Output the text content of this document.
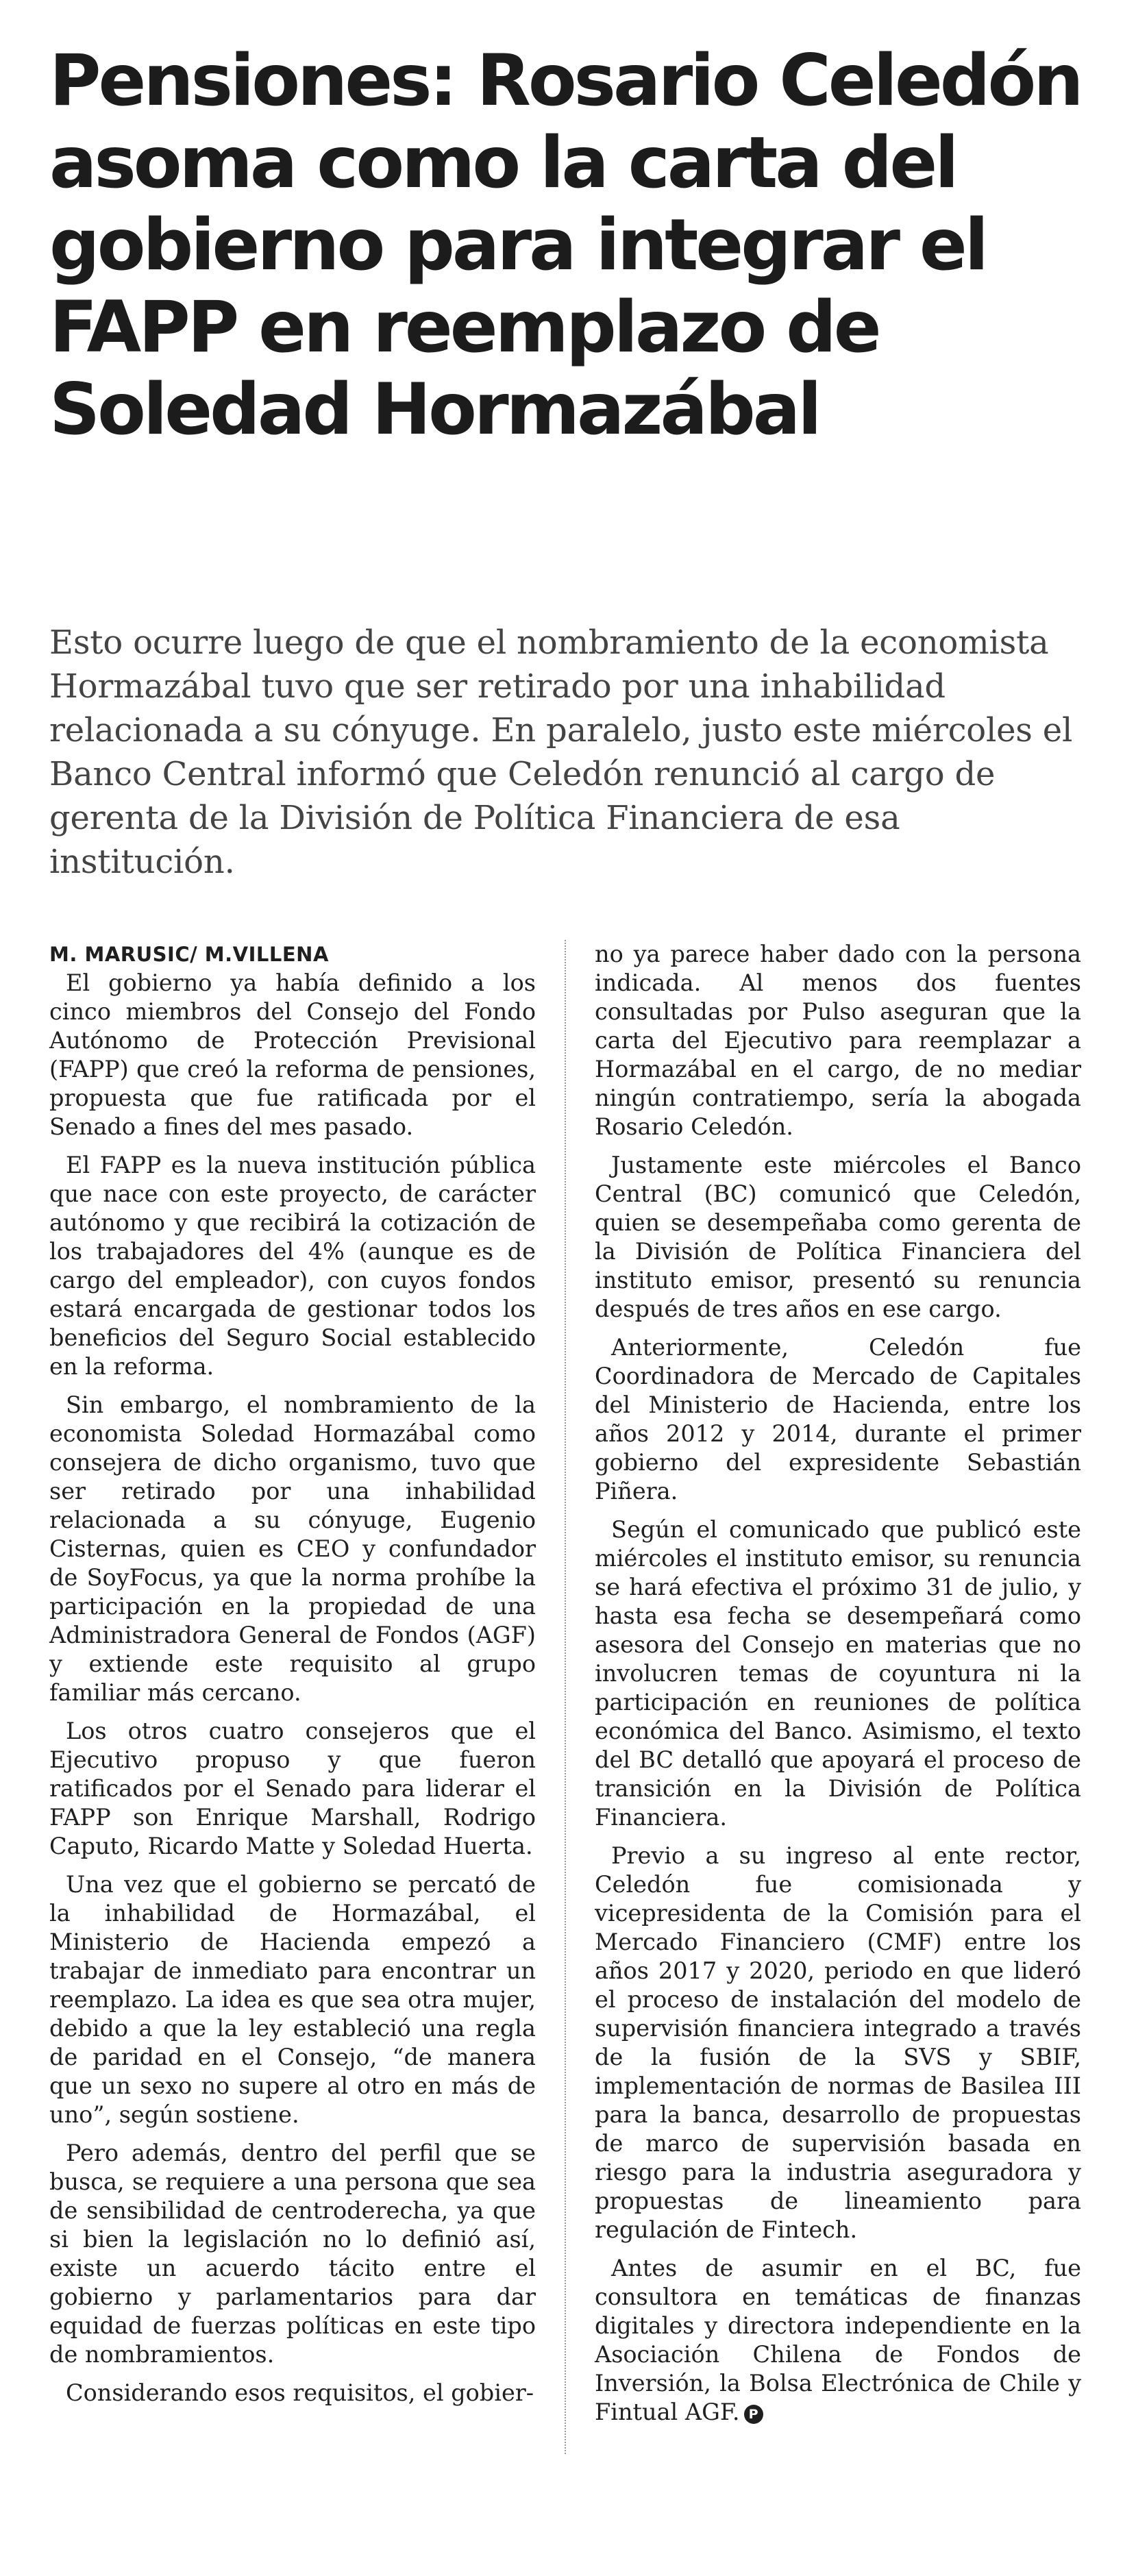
Pensiones: Rosario Celedón asoma como la carta del gobierno para integrar el FAPP en reemplazo de Soledad Hormazábal

Esto ocurre luego de que el nombramiento de la economista Hormazábal tuvo que ser retirado por una inhabilidad relacionada a su cónyuge. En paralelo, justo este miércoles el Banco Central informó que Celedón renunció al cargo de gerenta de la División de Política Financiera de esa institución.

M. MARUSIC/ M.VILLENA

El gobierno ya había definido a los cinco miembros del Consejo del Fondo Autónomo de Protección Previsional (FAPP) que creó la reforma de pensiones, propuesta que fue ratificada por el Senado a fines del mes pasado.

El FAPP es la nueva institución pública que nace con este proyecto, de carácter autónomo y que recibirá la cotización de los trabajadores del 4% (aunque es de cargo del empleador), con cuyos fondos estará encargada de gestionar todos los beneficios del Seguro Social establecido en la reforma.

Sin embargo, el nombramiento de la economista Soledad Hormazábal como consejera de dicho organismo, tuvo que ser retirado por una inhabilidad relacionada a su cónyuge, Eugenio Cisternas, quien es CEO y confundador de SoyFocus, ya que la norma prohíbe la participación en la propiedad de una Administradora General de Fondos (AGF) y extiende este requisito al grupo familiar más cercano.

Los otros cuatro consejeros que el Ejecutivo propuso y que fueron ratificados por el Senado para liderar el FAPP son Enrique Marshall, Rodrigo Caputo, Ricardo Matte y Soledad Huerta.

Una vez que el gobierno se percató de la inhabilidad de Hormazábal, el Ministerio de Hacienda empezó a trabajar de inmediato para encontrar un reemplazo. La idea es que sea otra mujer, debido a que la ley estableció una regla de paridad en el Consejo, “de manera que un sexo no supere al otro en más de uno”, según sostiene.

Pero además, dentro del perfil que se busca, se requiere a una persona que sea de sensibilidad de centroderecha, ya que si bien la legislación no lo definió así, existe un acuerdo tácito entre el gobierno y parlamentarios para dar equidad de fuerzas políticas en este tipo de nombramientos.

Considerando esos requisitos, el gobier-

no ya parece haber dado con la persona indicada. Al menos dos fuentes consultadas por Pulso aseguran que la carta del Ejecutivo para reemplazar a Hormazábal en el cargo, de no mediar ningún contratiempo, sería la abogada Rosario Celedón.

Justamente este miércoles el Banco Central (BC) comunicó que Celedón, quien se desempeñaba como gerenta de la División de Política Financiera del instituto emisor, presentó su renuncia después de tres años en ese cargo.

Anteriormente, Celedón fue Coordinadora de Mercado de Capitales del Ministerio de Hacienda, entre los años 2012 y 2014, durante el primer gobierno del expresidente Sebastián Piñera.

Según el comunicado que publicó este miércoles el instituto emisor, su renuncia se hará efectiva el próximo 31 de julio, y hasta esa fecha se desempeñará como asesora del Consejo en materias que no involucren temas de coyuntura ni la participación en reuniones de política económica del Banco. Asimismo, el texto del BC detalló que apoyará el proceso de transición en la División de Política Financiera.

Previo a su ingreso al ente rector, Celedón fue comisionada y vicepresidenta de la Comisión para el Mercado Financiero (CMF) entre los años 2017 y 2020, periodo en que lideró el proceso de instalación del modelo de supervisión financiera integrado a través de la fusión de la SVS y SBIF, implementación de normas de Basilea III para la banca, desarrollo de propuestas de marco de supervisión basada en riesgo para la industria aseguradora y propuestas de lineamiento para regulación de Fintech.

Antes de asumir en el BC, fue consultora en temáticas de finanzas digitales y directora independiente en la Asociación Chilena de Fondos de Inversión, la Bolsa Electrónica de Chile y Fintual AGF. P
